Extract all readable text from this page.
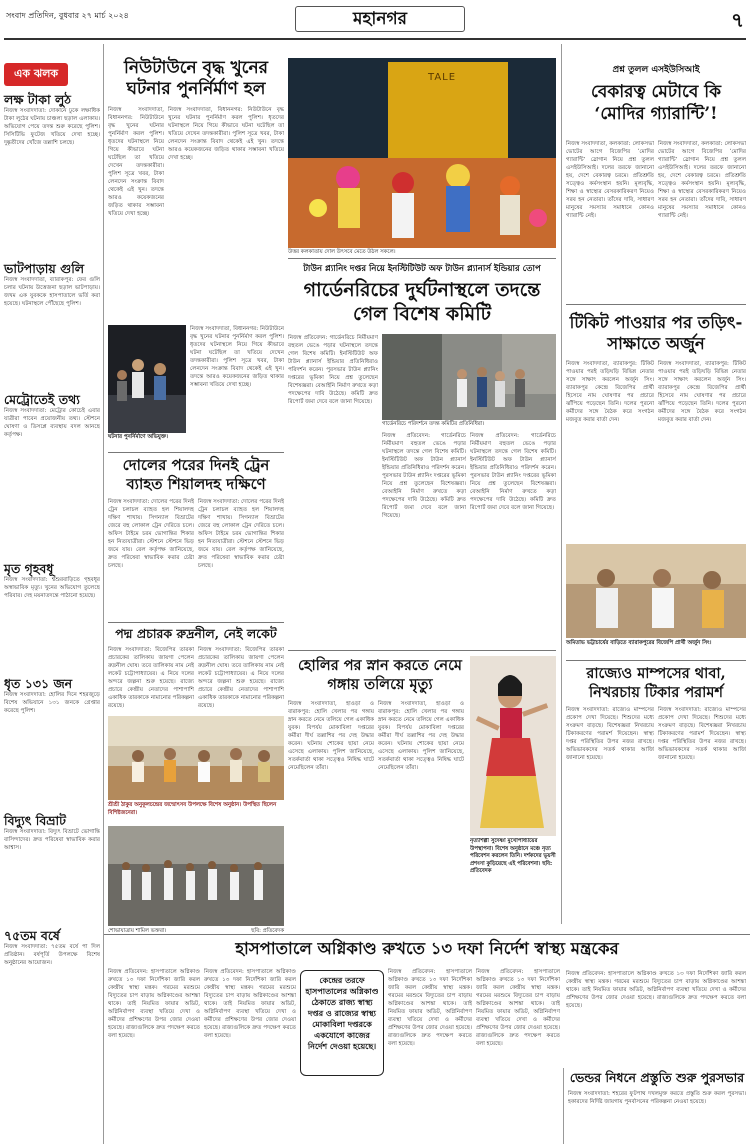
সংবাদ প্রতিদিন, বুধবার ২৭ মার্চ ২০২৪	মহানগর	৭
এক ঝলক
লক্ষ টাকা লুঠ
নিজস্ব সংবাদদাতা: দোকানে ঢুকে লক্ষাধিক টাকা লুঠের ঘটনায় চাঞ্চল্য ছড়াল এলাকায়। অভিযোগ পেয়ে তদন্ত শুরু করেছে পুলিশ। সিসিটিভি ফুটেজ খতিয়ে দেখা হচ্ছে। দুষ্কৃতীদের খোঁজে তল্লাশি চলছে।
ভাটপাড়ায় গুলি
নিজস্ব সংবাদদাতা, ব্যারাকপুর: ফের গুলি চলার ঘটনায় উত্তেজনা ছড়াল ভাটপাড়ায়। জখম এক যুবককে হাসপাতালে ভর্তি করা হয়েছে। ঘটনাস্থলে পৌঁছেছে পুলিশ।
মেট্রোতেই তথ্য
নিজস্ব সংবাদদাতা: মেট্রোর কোচেই এবার যাত্রীরা পাবেন প্রয়োজনীয় তথ্য। স্টেশনে ঘোষণা ও ডিসপ্লে ব্যবস্থায় বদল আনছে কর্তৃপক্ষ।
মৃত গৃহবধূ
নিজস্ব সংবাদদাতা: শ্বশুরবাড়িতে গৃহবধূর অস্বাভাবিক মৃত্যু। খুনের অভিযোগ তুলেছে পরিবার। দেহ ময়নাতদন্তে পাঠানো হয়েছে।
ধৃত ১৩১ জন
নিজস্ব সংবাদদাতা: হোলির দিনে শহরজুড়ে বিশেষ অভিযানে ১৩১ জনকে গ্রেপ্তার করেছে পুলিশ।
বিদ্যুৎ বিভ্রাট
নিজস্ব সংবাদদাতা: বিদ্যুৎ বিভ্রাটে ভোগান্তি বাসিন্দাদের। দ্রুত পরিষেবা স্বাভাবিক করার আশ্বাস।
৭৫তম বর্ষে
নিজস্ব সংবাদদাতা: ৭৫তম বর্ষে পা দিল প্রতিষ্ঠান। বর্ষপূর্তি উপলক্ষে বিশেষ অনুষ্ঠানের আয়োজন।
নিউটাউনে বৃদ্ধ খুনের ঘটনার পুনর্নির্মাণ হল
নিজস্ব সংবাদদাতা, বিধাননগর: নিউটাউনে বৃদ্ধ খুনের ঘটনার পুনর্নির্মাণ করল পুলিশ। ধৃতদের ঘটনাস্থলে নিয়ে গিয়ে কীভাবে ঘটনা ঘটেছিল তা খতিয়ে দেখেন তদন্তকারীরা। পুলিশ সূত্রে খবর, টাকা লেনদেন সংক্রান্ত বিবাদ থেকেই এই খুন। তদন্তে আরও কয়েকজনের জড়িত থাকার সম্ভাবনা খতিয়ে দেখা হচ্ছে।
নিজস্ব সংবাদদাতা, বিধাননগর: নিউটাউনে বৃদ্ধ খুনের ঘটনার পুনর্নির্মাণ করল পুলিশ। ধৃতদের ঘটনাস্থলে নিয়ে গিয়ে কীভাবে ঘটনা ঘটেছিল তা খতিয়ে দেখেন তদন্তকারীরা। পুলিশ সূত্রে খবর, টাকা লেনদেন সংক্রান্ত বিবাদ থেকেই এই খুন। তদন্তে আরও কয়েকজনের জড়িত থাকার সম্ভাবনা খতিয়ে দেখা হচ্ছে।
ঘটনার পুনর্নির্মাণে অভিযুক্ত।
নিজস্ব সংবাদদাতা, বিধাননগর: নিউটাউনে বৃদ্ধ খুনের ঘটনার পুনর্নির্মাণ করল পুলিশ। ধৃতদের ঘটনাস্থলে নিয়ে গিয়ে কীভাবে ঘটনা ঘটেছিল তা খতিয়ে দেখেন তদন্তকারীরা। পুলিশ সূত্রে খবর, টাকা লেনদেন সংক্রান্ত বিবাদ থেকেই এই খুন। তদন্তে আরও কয়েকজনের জড়িত থাকার সম্ভাবনা খতিয়ে দেখা হচ্ছে।
TALE
উত্তর কলকাতায় দোল উৎসবে মেতে উঠল সকলে।
টাউন প্ল্যানিং দপ্তর নিয়ে ইনস্টিটিউট অফ টাউন প্ল্যানার্স ইন্ডিয়ার তোপ
গার্ডেনরিচের দুর্ঘটনাস্থলে তদন্তে গেল বিশেষ কমিটি
নিজস্ব প্রতিবেদন: গার্ডেনরিচে নির্মীয়মাণ বহুতল ভেঙে পড়ার ঘটনাস্থলে তদন্তে গেল বিশেষ কমিটি। ইনস্টিটিউট অফ টাউন প্ল্যানার্স ইন্ডিয়ার প্রতিনিধিরাও পরিদর্শন করেন। পুরসভার টাউন প্ল্যানিং দপ্তরের ভূমিকা নিয়ে প্রশ্ন তুলেছেন বিশেষজ্ঞরা। বেআইনি নির্মাণ রুখতে কড়া পদক্ষেপের দাবি উঠেছে। কমিটি দ্রুত রিপোর্ট জমা দেবে বলে জানা গিয়েছে।
গার্ডেনরিচে পরিদর্শনে তদন্ত কমিটির প্রতিনিধিরা।
নিজস্ব প্রতিবেদন: গার্ডেনরিচে নির্মীয়মাণ বহুতল ভেঙে পড়ার ঘটনাস্থলে তদন্তে গেল বিশেষ কমিটি। ইনস্টিটিউট অফ টাউন প্ল্যানার্স ইন্ডিয়ার প্রতিনিধিরাও পরিদর্শন করেন। পুরসভার টাউন প্ল্যানিং দপ্তরের ভূমিকা নিয়ে প্রশ্ন তুলেছেন বিশেষজ্ঞরা। বেআইনি নির্মাণ রুখতে কড়া পদক্ষেপের দাবি উঠেছে। কমিটি দ্রুত রিপোর্ট জমা দেবে বলে জানা গিয়েছে।
নিজস্ব প্রতিবেদন: গার্ডেনরিচে নির্মীয়মাণ বহুতল ভেঙে পড়ার ঘটনাস্থলে তদন্তে গেল বিশেষ কমিটি। ইনস্টিটিউট অফ টাউন প্ল্যানার্স ইন্ডিয়ার প্রতিনিধিরাও পরিদর্শন করেন। পুরসভার টাউন প্ল্যানিং দপ্তরের ভূমিকা নিয়ে প্রশ্ন তুলেছেন বিশেষজ্ঞরা। বেআইনি নির্মাণ রুখতে কড়া পদক্ষেপের দাবি উঠেছে। কমিটি দ্রুত রিপোর্ট জমা দেবে বলে জানা গিয়েছে।
দোলের পরের দিনই ট্রেন ব্যাহত শিয়ালদহ দক্ষিণে
নিজস্ব সংবাদদাতা: দোলের পরের দিনই ট্রেন চলাচল ব্যাহত হল শিয়ালদহ দক্ষিণ শাখায়। সিগন্যাল বিভ্রাটের জেরে বহু লোকাল ট্রেন দেরিতে চলে। অফিস টাইমে চরম ভোগান্তির শিকার হন নিত্যযাত্রীরা। স্টেশনে স্টেশনে ভিড় জমে যায়। রেল কর্তৃপক্ষ জানিয়েছে, দ্রুত পরিষেবা স্বাভাবিক করার চেষ্টা চলছে।
নিজস্ব সংবাদদাতা: দোলের পরের দিনই ট্রেন চলাচল ব্যাহত হল শিয়ালদহ দক্ষিণ শাখায়। সিগন্যাল বিভ্রাটের জেরে বহু লোকাল ট্রেন দেরিতে চলে। অফিস টাইমে চরম ভোগান্তির শিকার হন নিত্যযাত্রীরা। স্টেশনে স্টেশনে ভিড় জমে যায়। রেল কর্তৃপক্ষ জানিয়েছে, দ্রুত পরিষেবা স্বাভাবিক করার চেষ্টা চলছে।
পদ্ম প্রচারক রুদ্রনীল, নেই লকেট
নিজস্ব সংবাদদাতা: বিজেপির তারকা প্রচারকের তালিকায় জায়গা পেলেন রুদ্রনীল ঘোষ। তবে তালিকায় নাম নেই লকেট চট্টোপাধ্যায়ের। এ নিয়ে দলের অন্দরে জল্পনা শুরু হয়েছে। রাজ্যে প্রচারে কেন্দ্রীয় নেতাদের পাশাপাশি একাধিক তারকাকে নামানোর পরিকল্পনা রয়েছে।
নিজস্ব সংবাদদাতা: বিজেপির তারকা প্রচারকের তালিকায় জায়গা পেলেন রুদ্রনীল ঘোষ। তবে তালিকায় নাম নেই লকেট চট্টোপাধ্যায়ের। এ নিয়ে দলের অন্দরে জল্পনা শুরু হয়েছে। রাজ্যে প্রচারে কেন্দ্রীয় নেতাদের পাশাপাশি একাধিক তারকাকে নামানোর পরিকল্পনা রয়েছে।
শ্রীশ্রী ঠাকুর অনুকূলচন্দ্রের জন্মোৎসব উপলক্ষে বিশেষ অনুষ্ঠান। উপস্থিত ছিলেন বিশিষ্টজনেরা।
শোভাযাত্রায় শামিল ভক্তরা।	ছবি: প্রতিবেদক
হোলির পর স্নান করতে নেমে গঙ্গায় তলিয়ে মৃত্যু
নিজস্ব সংবাদদাতা, হাওড়া ও বারাকপুর: হোলি খেলার পর গঙ্গায় স্নান করতে নেমে তলিয়ে গেল একাধিক যুবক। বিপর্যয় মোকাবিলা দপ্তরের কর্মীরা দীর্ঘ তল্লাশির পর দেহ উদ্ধার করেন। ঘটনায় শোকের ছায়া নেমে এসেছে এলাকায়। পুলিশ জানিয়েছে, সতর্কবার্তা থাকা সত্ত্বেও নিষিদ্ধ ঘাটে নেমেছিলেন তাঁরা।
নিজস্ব সংবাদদাতা, হাওড়া ও বারাকপুর: হোলি খেলার পর গঙ্গায় স্নান করতে নেমে তলিয়ে গেল একাধিক যুবক। বিপর্যয় মোকাবিলা দপ্তরের কর্মীরা দীর্ঘ তল্লাশির পর দেহ উদ্ধার করেন। ঘটনায় শোকের ছায়া নেমে এসেছে এলাকায়। পুলিশ জানিয়েছে, সতর্কবার্তা থাকা সত্ত্বেও নিষিদ্ধ ঘাটে নেমেছিলেন তাঁরা।
নৃত্যশিল্পী সুদেষ্ণা মুখোপাধ্যায়ের উপস্থাপনা। বিশেষ অনুষ্ঠানে মঞ্চে নৃত্য পরিবেশন করলেন তিনি। দর্শকদের ভূয়সী প্রশংসা কুড়িয়েছে এই পরিবেশনা। ছবি: প্রতিবেদক
প্রশ্ন তুলল এসইউসিআই
বেকারত্ব মেটাবে কি ‘মোদির গ্যারান্টি’!
নিজস্ব সংবাদদাতা, কলকাতা: লোকসভা ভোটের আগে বিজেপির ‘মোদির গ্যারান্টি’ স্লোগান নিয়ে প্রশ্ন তুলল এসইউসিআই। দলের তরফে জানানো হয়, দেশে বেকারত্ব চরমে। প্রতিশ্রুতি সত্ত্বেও কর্মসংস্থান হয়নি। মূল্যবৃদ্ধি, শিক্ষা ও স্বাস্থ্যের বেসরকারিকরণ নিয়েও সরব হন নেতারা। তাঁদের দাবি, সাধারণ মানুষের সমস্যার সমাধানে কোনও গ্যারান্টি নেই।
নিজস্ব সংবাদদাতা, কলকাতা: লোকসভা ভোটের আগে বিজেপির ‘মোদির গ্যারান্টি’ স্লোগান নিয়ে প্রশ্ন তুলল এসইউসিআই। দলের তরফে জানানো হয়, দেশে বেকারত্ব চরমে। প্রতিশ্রুতি সত্ত্বেও কর্মসংস্থান হয়নি। মূল্যবৃদ্ধি, শিক্ষা ও স্বাস্থ্যের বেসরকারিকরণ নিয়েও সরব হন নেতারা। তাঁদের দাবি, সাধারণ মানুষের সমস্যার সমাধানে কোনও গ্যারান্টি নেই।
টিকিট পাওয়ার পর তড়িৎ-সাক্ষাতে অর্জুন
নিজস্ব সংবাদদাতা, ব্যারাকপুর: টিকিট পাওয়ার পরই তড়িঘড়ি বিভিন্ন নেতার সঙ্গে সাক্ষাৎ করলেন অর্জুন সিং। ব্যারাকপুর কেন্দ্রে বিজেপির প্রার্থী হিসেবে নাম ঘোষণার পর প্রচারে ঝাঁপিয়ে পড়েছেন তিনি। দলের পুরনো কর্মীদের সঙ্গে বৈঠক করে সংগঠন মজবুত করার বার্তা দেন।
নিজস্ব সংবাদদাতা, ব্যারাকপুর: টিকিট পাওয়ার পরই তড়িঘড়ি বিভিন্ন নেতার সঙ্গে সাক্ষাৎ করলেন অর্জুন সিং। ব্যারাকপুর কেন্দ্রে বিজেপির প্রার্থী হিসেবে নাম ঘোষণার পর প্রচারে ঝাঁপিয়ে পড়েছেন তিনি। দলের পুরনো কর্মীদের সঙ্গে বৈঠক করে সংগঠন মজবুত করার বার্তা দেন।
অমিতাভ ভট্টাচার্যের বাড়িতে ব্যারাকপুরের বিজেপি প্রার্থী অর্জুন সিং।
রাজ্যেও মাম্পসের থাবা, নিখরচায় টিকার পরামর্শ
নিজস্ব সংবাদদাতা: রাজ্যেও মাম্পসের প্রকোপ দেখা দিয়েছে। শিশুদের মধ্যে সংক্রমণ বাড়ছে। বিশেষজ্ঞরা নিখরচায় টিকাকরণের পরামর্শ দিয়েছেন। স্বাস্থ্য দপ্তর পরিস্থিতির উপর নজর রাখছে। অভিভাবকদের সতর্ক থাকার আর্জি জানানো হয়েছে।
নিজস্ব সংবাদদাতা: রাজ্যেও মাম্পসের প্রকোপ দেখা দিয়েছে। শিশুদের মধ্যে সংক্রমণ বাড়ছে। বিশেষজ্ঞরা নিখরচায় টিকাকরণের পরামর্শ দিয়েছেন। স্বাস্থ্য দপ্তর পরিস্থিতির উপর নজর রাখছে। অভিভাবকদের সতর্ক থাকার আর্জি জানানো হয়েছে।
হাসপাতালে অগ্নিকাণ্ড রুখতে ১৩ দফা নির্দেশ স্বাস্থ্য মন্ত্রকের
নিজস্ব প্রতিবেদন: হাসপাতালে অগ্নিকাণ্ড রুখতে ১৩ দফা নির্দেশিকা জারি করল কেন্দ্রীয় স্বাস্থ্য মন্ত্রক। গরমের মরশুমে বিদ্যুতের চাপ বাড়ায় অগ্নিকাণ্ডের আশঙ্কা থাকে। তাই নিয়মিত ফায়ার অডিট, অগ্নিনির্বাপণ ব্যবস্থা খতিয়ে দেখা ও কর্মীদের প্রশিক্ষণের উপর জোর দেওয়া হয়েছে। রাজ্যগুলিকে দ্রুত পদক্ষেপ করতে বলা হয়েছে।
নিজস্ব প্রতিবেদন: হাসপাতালে অগ্নিকাণ্ড রুখতে ১৩ দফা নির্দেশিকা জারি করল কেন্দ্রীয় স্বাস্থ্য মন্ত্রক। গরমের মরশুমে বিদ্যুতের চাপ বাড়ায় অগ্নিকাণ্ডের আশঙ্কা থাকে। তাই নিয়মিত ফায়ার অডিট, অগ্নিনির্বাপণ ব্যবস্থা খতিয়ে দেখা ও কর্মীদের প্রশিক্ষণের উপর জোর দেওয়া হয়েছে। রাজ্যগুলিকে দ্রুত পদক্ষেপ করতে বলা হয়েছে।
কেন্দ্রের তরফে হাসপাতালের অগ্নিকাণ্ড ঠেকাতে রাজ্য স্বাস্থ্য দপ্তর ও রাজ্যের স্বাস্থ্য মোকাবিলা দপ্তরকে একযোগে কাজের নির্দেশ দেওয়া হয়েছে।
নিজস্ব প্রতিবেদন: হাসপাতালে অগ্নিকাণ্ড রুখতে ১৩ দফা নির্দেশিকা জারি করল কেন্দ্রীয় স্বাস্থ্য মন্ত্রক। গরমের মরশুমে বিদ্যুতের চাপ বাড়ায় অগ্নিকাণ্ডের আশঙ্কা থাকে। তাই নিয়মিত ফায়ার অডিট, অগ্নিনির্বাপণ ব্যবস্থা খতিয়ে দেখা ও কর্মীদের প্রশিক্ষণের উপর জোর দেওয়া হয়েছে। রাজ্যগুলিকে দ্রুত পদক্ষেপ করতে বলা হয়েছে।
নিজস্ব প্রতিবেদন: হাসপাতালে অগ্নিকাণ্ড রুখতে ১৩ দফা নির্দেশিকা জারি করল কেন্দ্রীয় স্বাস্থ্য মন্ত্রক। গরমের মরশুমে বিদ্যুতের চাপ বাড়ায় অগ্নিকাণ্ডের আশঙ্কা থাকে। তাই নিয়মিত ফায়ার অডিট, অগ্নিনির্বাপণ ব্যবস্থা খতিয়ে দেখা ও কর্মীদের প্রশিক্ষণের উপর জোর দেওয়া হয়েছে। রাজ্যগুলিকে দ্রুত পদক্ষেপ করতে বলা হয়েছে।
ভেন্ডর নিধনে প্রস্তুতি শুরু পুরসভার
নিজস্ব সংবাদদাতা: শহরের ফুটপাথ দখলমুক্ত করতে প্রস্তুতি শুরু করল পুরসভা। হকারদের নির্দিষ্ট জায়গায় পুনর্বাসনের পরিকল্পনা নেওয়া হয়েছে।
নিজস্ব প্রতিবেদন: হাসপাতালে অগ্নিকাণ্ড রুখতে ১৩ দফা নির্দেশিকা জারি করল কেন্দ্রীয় স্বাস্থ্য মন্ত্রক। গরমের মরশুমে বিদ্যুতের চাপ বাড়ায় অগ্নিকাণ্ডের আশঙ্কা থাকে। তাই নিয়মিত ফায়ার অডিট, অগ্নিনির্বাপণ ব্যবস্থা খতিয়ে দেখা ও কর্মীদের প্রশিক্ষণের উপর জোর দেওয়া হয়েছে। রাজ্যগুলিকে দ্রুত পদক্ষেপ করতে বলা হয়েছে।
